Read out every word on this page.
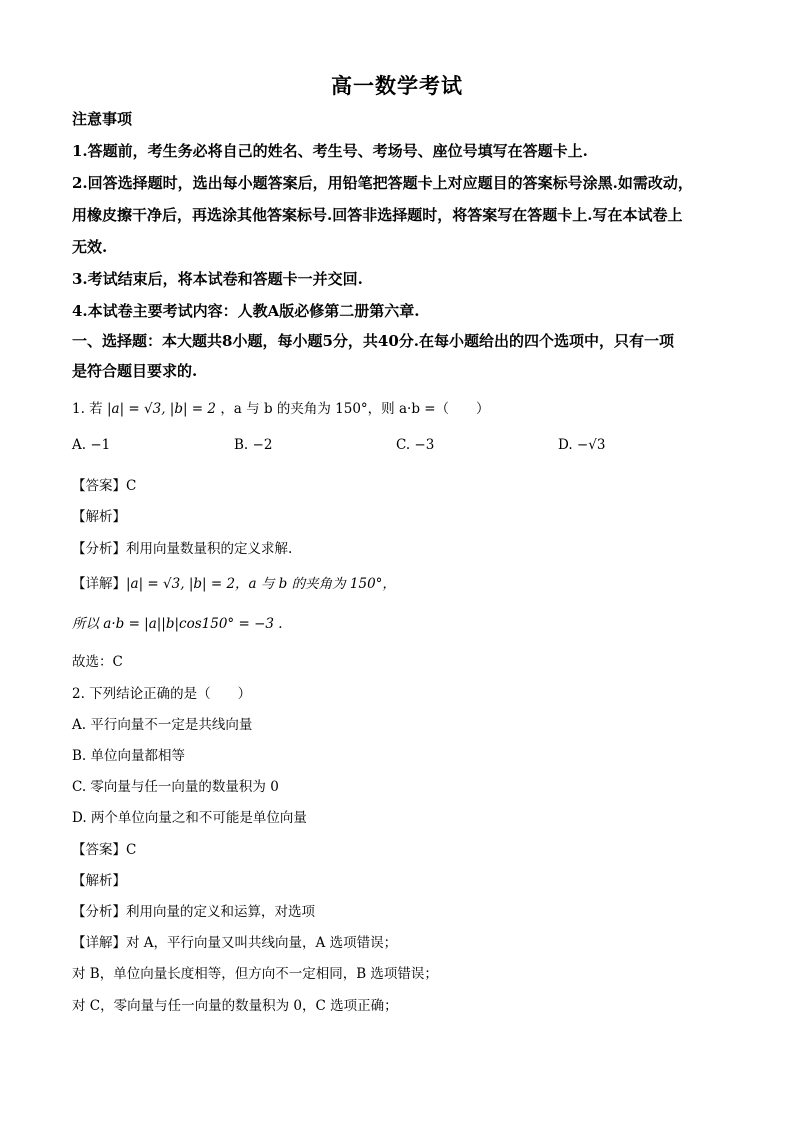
高一数学考试
注意事项
1.答题前，考生务必将自己的姓名、考生号、考场号、座位号填写在答题卡上.
2.回答选择题时，选出每小题答案后，用铅笔把答题卡上对应题目的答案标号涂黑.如需改动，
用橡皮擦干净后，再选涂其他答案标号.回答非选择题时，将答案写在答题卡上.写在本试卷上
无效.
3.考试结束后，将本试卷和答题卡一并交回.
4.本试卷主要考试内容：人教A版必修第二册第六章.
一、选择题：本大题共8小题，每小题5分，共40分.在每小题给出的四个选项中，只有一项
是符合题目要求的.
1. 若 |a| = √3, |b| = 2 ，a 与 b 的夹角为 150°，则 a·b =（　　）
A. −1	B. −2	C. −3	D. −√3
【答案】C
【解析】
【分析】利用向量数量积的定义求解.
【详解】|a| = √3, |b| = 2，a 与 b 的夹角为 150°，
所以 a·b = |a||b|cos150° = −3 .
故选：C
2. 下列结论正确的是（　　）
A. 平行向量不一定是共线向量
B. 单位向量都相等
C. 零向量与任一向量的数量积为 0
D. 两个单位向量之和不可能是单位向量
【答案】C
【解析】
【分析】利用向量的定义和运算，对选项
【详解】对 A，平行向量又叫共线向量，A 选项错误；
对 B，单位向量长度相等，但方向不一定相同，B 选项错误；
对 C，零向量与任一向量的数量积为 0，C 选项正确；
